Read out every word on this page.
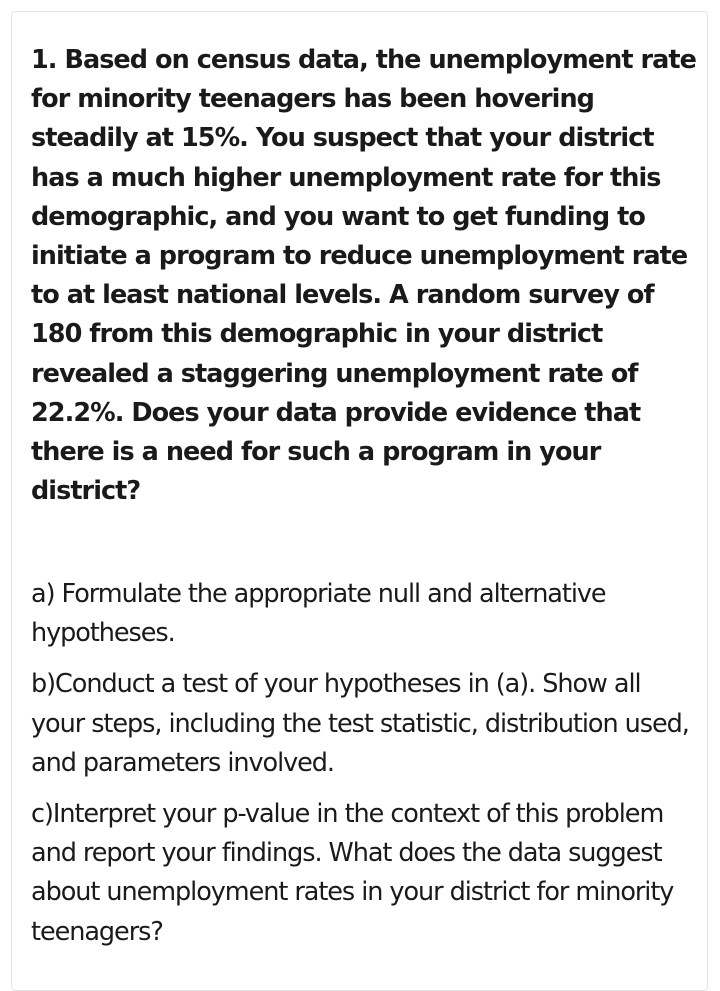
1. Based on census data, the unemployment rate for minority teenagers has been hovering steadily at 15%. You suspect that your district has a much higher unemployment rate for this demographic, and you want to get funding to initiate a program to reduce unemployment rate to at least national levels. A random survey of 180 from this demographic in your district revealed a staggering unemployment rate of 22.2%. Does your data provide evidence that there is a need for such a program in your district?

a) Formulate the appropriate null and alternative hypotheses.

b)Conduct a test of your hypotheses in (a). Show all your steps, including the test statistic, distribution used, and parameters involved.

c)Interpret your p-value in the context of this problem and report your findings. What does the data suggest about unemployment rates in your district for minority teenagers?
